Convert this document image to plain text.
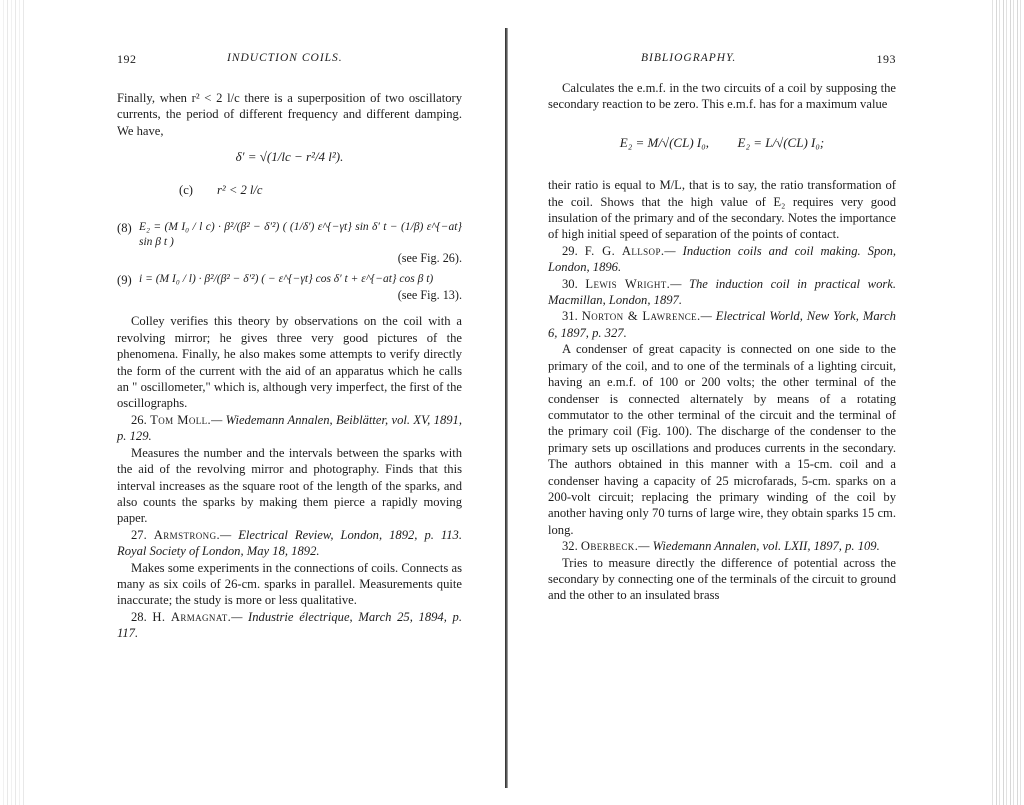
192	INDUCTION COILS.

Finally, when r² < 2 l/c there is a superposition of two oscillatory currents, the period of different frequency and different damping. We have,

δ′ = √(1/lc − r²/4 l²).
(c) r² < 2 l/c
(8) E₂ = (M I₀ / l c) · β²/(β² − δ′²) ( (1/δ′) ε^{−γt} sin δ′ t − (1/β) ε^{−at} sin β t )
(see Fig. 26).
(9) i = (M I₀ / l) · β²/(β² − δ′²) ( − ε^{−γt} cos δ′ t + ε^{−at} cos β t)
(see Fig. 13).

Colley verifies this theory by observations on the coil with a revolving mirror; he gives three very good pictures of the phenomena. Finally, he also makes some attempts to verify directly the form of the current with the aid of an apparatus which he calls an " oscillometer," which is, although very imperfect, the first of the oscillographs.

26. Tom Moll.— Wiedemann Annalen, Beiblätter, vol. XV, 1891, p. 129.

Measures the number and the intervals between the sparks with the aid of the revolving mirror and photography. Finds that this interval increases as the square root of the length of the sparks, and also counts the sparks by making them pierce a rapidly moving paper.

27. Armstrong.— Electrical Review, London, 1892, p. 113. Royal Society of London, May 18, 1892.

Makes some experiments in the connections of coils. Connects as many as six coils of 26-cm. sparks in parallel. Measurements quite inaccurate; the study is more or less qualitative.

28. H. Armagnat.— Industrie électrique, March 25, 1894, p. 117.

BIBLIOGRAPHY.	193

Calculates the e.m.f. in the two circuits of a coil by supposing the secondary reaction to be zero. This e.m.f. has for a maximum value

E₂ = M/√(CL) I₀, E₂ = L/√(CL) I₀;

their ratio is equal to M/L, that is to say, the ratio transformation of the coil. Shows that the high value of E₂ requires very good insulation of the primary and of the secondary. Notes the importance of high initial speed of separation of the points of contact.

29. F. G. Allsop.— Induction coils and coil making. Spon, London, 1896.

30. Lewis Wright.— The induction coil in practical work. Macmillan, London, 1897.

31. Norton & Lawrence.— Electrical World, New York, March 6, 1897, p. 327.

A condenser of great capacity is connected on one side to the primary of the coil, and to one of the terminals of a lighting circuit, having an e.m.f. of 100 or 200 volts; the other terminal of the condenser is connected alternately by means of a rotating commutator to the other terminal of the circuit and the terminal of the primary coil (Fig. 100). The discharge of the condenser to the primary sets up oscillations and produces currents in the secondary. The authors obtained in this manner with a 15-cm. coil and a condenser having a capacity of 25 microfarads, 5-cm. sparks on a 200-volt circuit; replacing the primary winding of the coil by another having only 70 turns of large wire, they obtain sparks 15 cm. long.

32. Oberbeck.— Wiedemann Annalen, vol. LXII, 1897, p. 109.

Tries to measure directly the difference of potential across the secondary by connecting one of the terminals of the circuit to ground and the other to an insulated brass
